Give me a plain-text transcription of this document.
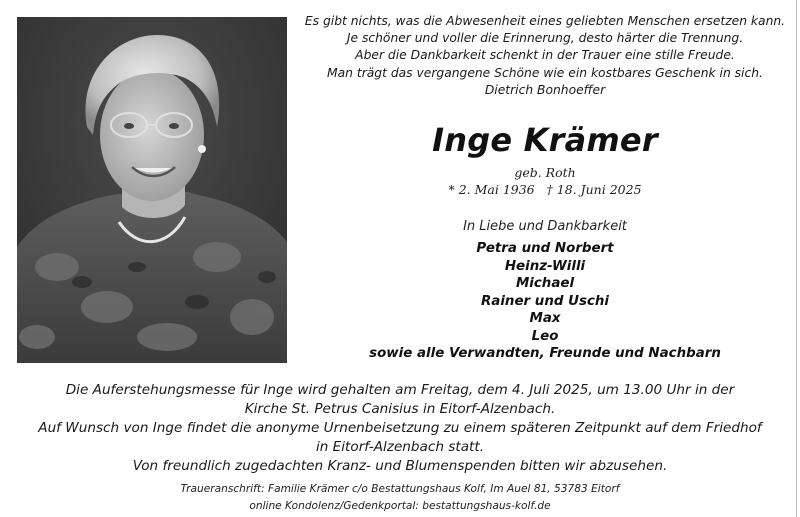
Es gibt nichts, was die Abwesenheit eines geliebten Menschen ersetzen kann.
Je schöner und voller die Erinnerung, desto härter die Trennung.
Aber die Dankbarkeit schenkt in der Trauer eine stille Freude.
Man trägt das vergangene Schöne wie ein kostbares Geschenk in sich.
Dietrich Bonhoeffer
Inge Krämer
geb. Roth
* 2. Mai 1936   † 18. Juni 2025
In Liebe und Dankbarkeit
Petra und Norbert
Heinz-Willi
Michael
Rainer und Uschi
Max
Leo
sowie alle Verwandten, Freunde und Nachbarn
Die Auferstehungsmesse für Inge wird gehalten am Freitag, dem 4. Juli 2025, um 13.00 Uhr in der
Kirche St. Petrus Canisius in Eitorf-Alzenbach.
Auf Wunsch von Inge findet die anonyme Urnenbeisetzung zu einem späteren Zeitpunkt auf dem Friedhof
in Eitorf-Alzenbach statt.
Von freundlich zugedachten Kranz- und Blumenspenden bitten wir abzusehen.
Traueranschrift: Familie Krämer c/o Bestattungshaus Kolf, Im Auel 81, 53783 Eitorf
online Kondolenz/Gedenkportal: bestattungshaus-kolf.de
